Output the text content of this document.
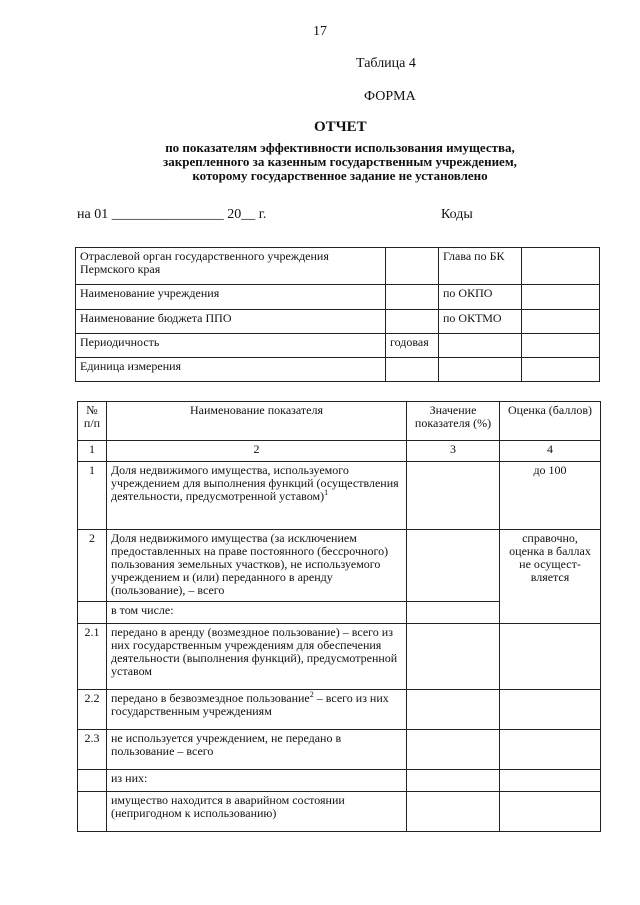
17
Таблица 4
ФОРМА
ОТЧЕТ
по показателям эффективности использования имущества,
закрепленного за казенным государственным учреждением,
которому государственное задание не установлено
на 01 ________________ 20__ г.	Коды
Отраслевой орган государственного учреждения Пермского края		Глава по БК	
Наименование учреждения		по ОКПО	
Наименование бюджета ППО		по ОКТМО	
Периодичность	годовая		
Единица измерения			
№ п/п	Наименование показателя	Значение показателя (%)	Оценка (баллов)
1	2	3	4
1	Доля недвижимого имущества, используемого учреждением для выполнения функций (осуществления деятельности, предусмотренной уставом)$^1$		до 100
2	Доля недвижимого имущества (за исключением предоставленных на праве постоянного (бессрочного) пользования земельных участков), не используемого учреждением и (или) переданного в аренду (пользование), – всего		справочно, оценка в баллах не осущест-вляется
	в том числе:		
2.1	передано в аренду (возмездное пользование) – всего из них государственным учреждениям для обеспечения деятельности (выполнения функций), предусмотренной уставом		
2.2	передано в безвозмездное пользование$^2$ – всего из них государственным учреждениям		
2.3	не используется учреждением, не передано в пользование – всего		
	из них:		
	имущество находится в аварийном состоянии (непригодном к использованию)		
